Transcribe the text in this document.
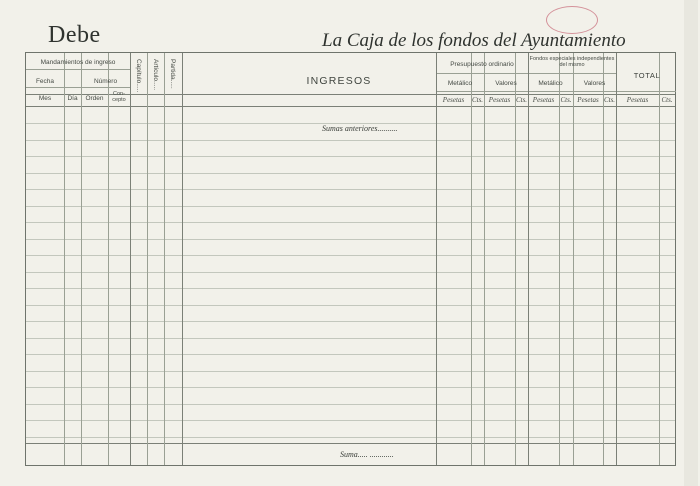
Debe	La Caja de los fondos del Ayuntamiento
Mandamientos de ingreso
Fecha	Número
Mes	Día	Orden
Con-cepto
Capítulo..... Artículo..... Partida.....	INGRESOS
Presupuesto ordinario
Fondos especiales independientes del mismo
Metálico	Valores	Metálico	Valores
TOTAL
Pesetas	Cts. Pesetas Cts. Pesetas Cts. Pesetas Cts.	Pesetas	Cts.
Sumas anteriores..........
Suma..... ............
